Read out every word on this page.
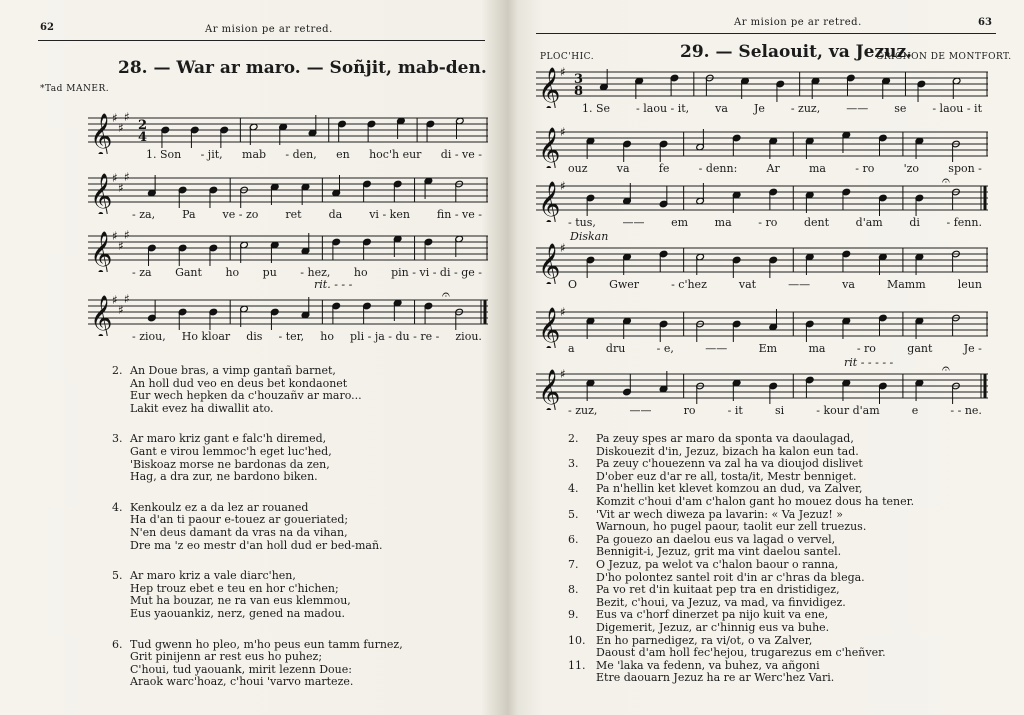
62	Ar mision pe ar retred.
28. — War ar maro. — Soñjit, mab-den.
*Tad MANER.
𝄞 ♯
♯
♯
2
4
1. Son - jit, mab - den, en hoc'h eur di - ve -
𝄞 ♯
♯
♯
- za, Pa ve - zo ret da vi - ken fin - ve -
𝄞 ♯
♯
♯
- za Gant ho pu - hez, ho pin - vi - di - ge -
𝄞 ♯
♯
♯	𝄐
- ziou, Ho kloar dis - ter, ho pli - ja - du - re - ziou.
rit. - - -
2. An Doue bras, a vimp gantañ barnet,
An holl dud veo en deus bet kondaonet
Eur wech hepken da c'houzañv ar maro...
Lakit evez ha diwallit ato.
3. Ar maro kriz gant e falc'h diremed,
Gant e virou lemmoc'h eget luc'hed,
'Biskoaz morse ne bardonas da zen,
Hag, a dra zur, ne bardono biken.
4. Kenkoulz ez a da lez ar rouaned
Ha d'an ti paour e-touez ar goueriated;
N'en deus damant da vras na da vihan,
Dre ma 'z eo mestr d'an holl dud er bed-mañ.
5. Ar maro kriz a vale diarc'hen,
Hep trouz ebet e teu en hor c'hichen;
Mut ha bouzar, ne ra van eus klemmou,
Eus yaouankiz, nerz, gened na madou.
6. Tud gwenn ho pleo, m'ho peus eun tamm furnez,
Grit pinijenn ar rest eus ho puhez;
C'houi, tud yaouank, mirit lezenn Doue:
Araok warc'hoaz, c'houi 'varvo marteze.
Ar mision pe ar retred.	63
PLOC'HIC.	29. — Selaouit, va Jezuz.
GRIGNON DE MONTFORT.
𝄞 ♯ 3
8
1. Se - laou - it, va Je - zuz, —— se - laou - it
𝄞 ♯
ouz	va	fe	- denn:	Ar	ma	- ro	'zo	spon -
𝄞 ♯	𝄐
- tus, —— em ma - ro dent d'am di - fenn.
𝄞 ♯
O	Gwer	- c'hez	vat	——	va	Mamm	leun
Diskan
𝄞 ♯
a	dru	- e,	——	Em	ma	- ro	gant	Je -
rit - - - - -
𝄞 ♯	𝄐
- zuz,	——	ro	- it	si	- kour d'am	e	- - ne.
2. Pa zeuy spes ar maro da sponta va daoulagad,
Diskouezit d'in, Jezuz, bizach ha kalon eun tad.
3. Pa zeuy c'houezenn va zal ha va dioujod dislivet
D'ober euz d'ar re all, tosta/it, Mestr benniget.
4. Pa n'hellin ket klevet komzou an dud, va Zalver,
Komzit c'houi d'am c'halon gant ho mouez dous ha tener.
5. 'Vit ar wech diweza pa lavarin: « Va Jezuz! »
Warnoun, ho pugel paour, taolit eur zell truezus.
6. Pa gouezo an daelou eus va lagad o vervel,
Bennigit-i, Jezuz, grit ma vint daelou santel.
7. O Jezuz, pa welot va c'halon baour o ranna,
D'ho polontez santel roit d'in ar c'hras da blega.
8. Pa vo ret d'in kuitaat pep tra en dristidigez,
Bezit, c'houi, va Jezuz, va mad, va finvidigez.
9. Eus va c'horf dinerzet pa nijo kuit va ene,
Digemerit, Jezuz, ar c'hinnig eus va buhe.
10. En ho parnedigez, ra vi/ot, o va Zalver,
Daoust d'am holl fec'hejou, trugarezus em c'heñver.
11. Me 'laka va fedenn, va buhez, va añgoni
Etre daouarn Jezuz ha re ar Werc'hez Vari.
